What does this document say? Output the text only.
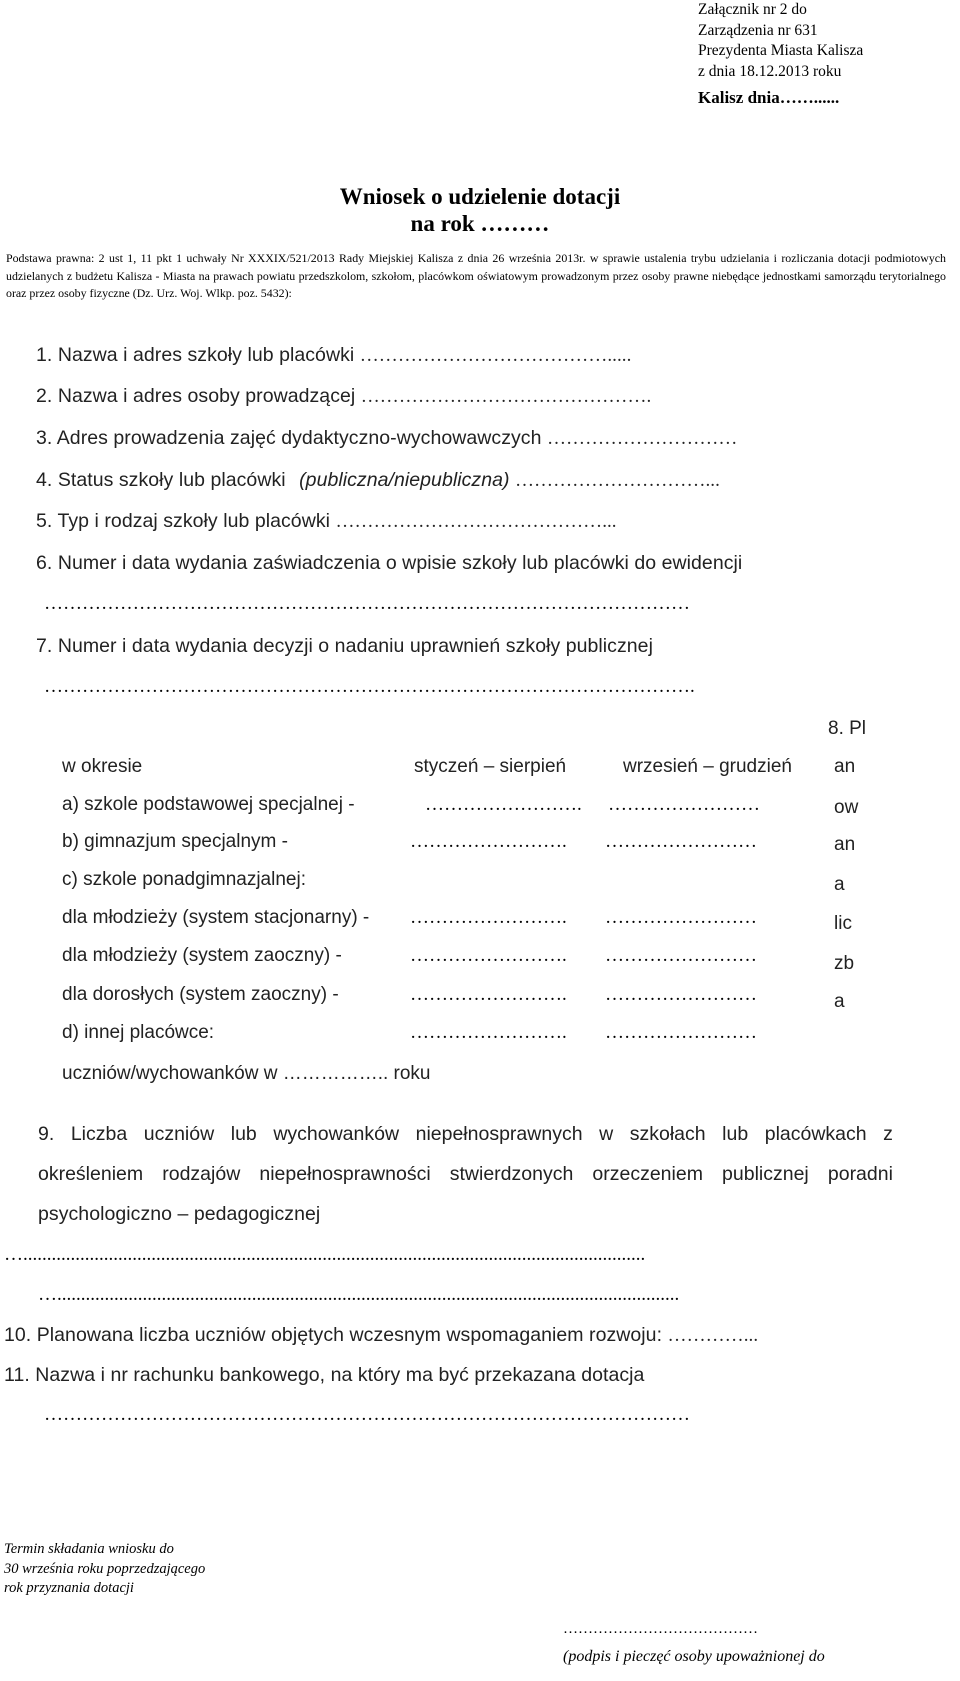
Załącznik nr 2 do
Zarządzenia nr 631
Prezydenta Miasta Kalisza
z dnia 18.12.2013 roku
Kalisz dnia……......
Wniosek o udzielenie dotacji
na rok ………
Podstawa prawna: 2 ust 1, 11 pkt 1 uchwały Nr XXXIX/521/2013 Rady Miejskiej Kalisza z dnia 26 września 2013r. w sprawie ustalenia trybu udzielania i rozliczania dotacji podmiotowych udzielanych z budżetu Kalisza - Miasta na prawach powiatu przedszkolom, szkołom, placówkom oświatowym prowadzonym przez osoby prawne niebędące jednostkami samorządu terytorialnego oraz przez osoby fizyczne (Dz. Urz. Woj. Wlkp. poz. 5432):
1. Nazwa i adres szkoły lub placówki ………………………………….....
2. Nazwa i adres osoby prowadzącej ……………………………………….
3. Adres prowadzenia zajęć dydaktyczno-wychowawczych …………………………
4. Status szkoły lub placówki (publiczna/niepubliczna) …………………………...
5. Typ i rodzaj szkoły lub placówki ……………………………………...
6. Numer i data wydania zaświadczenia o wpisie szkoły lub placówki do ewidencji
…………………………………………………………………………………………
7. Numer i data wydania decyzji o nadaniu uprawnień szkoły publicznej
………………………………………………………………………………………….
8. Pl
an
ow
an
a
lic
zb
a
w okresie	styczeń – sierpień	wrzesień – grudzień
a) szkole podstawowej specjalnej -	……………………. ……………………
b) gimnazjum specjalnym -	……………………. ……………………
c) szkole ponadgimnazjalnej:
dla młodzieży (system stacjonarny) - ……………………. ……………………
dla młodzieży (system zaoczny) -	……………………. ……………………
dla dorosłych (system zaoczny) -	……………………. ……………………
d) innej placówce:	……………………. ……………………
uczniów/wychowanków w …………….. roku
9. Liczba uczniów lub wychowanków niepełnosprawnych w szkołach lub placówkach z
określeniem rodzajów niepełnosprawności stwierdzonych orzeczeniem publicznej poradni
psychologiczno – pedagogicznej
…...................................................................................................................................
…...................................................................................................................................
10. Planowana liczba uczniów objętych wczesnym wspomaganiem rozwoju: …………...
11. Nazwa i nr rachunku bankowego, na który ma być przekazana dotacja
…………………………………………………………………………………………
Termin składania wniosku do
30 września roku poprzedzającego
rok przyznania dotacji
…………………………………
(podpis i pieczęć osoby upoważnionej do
